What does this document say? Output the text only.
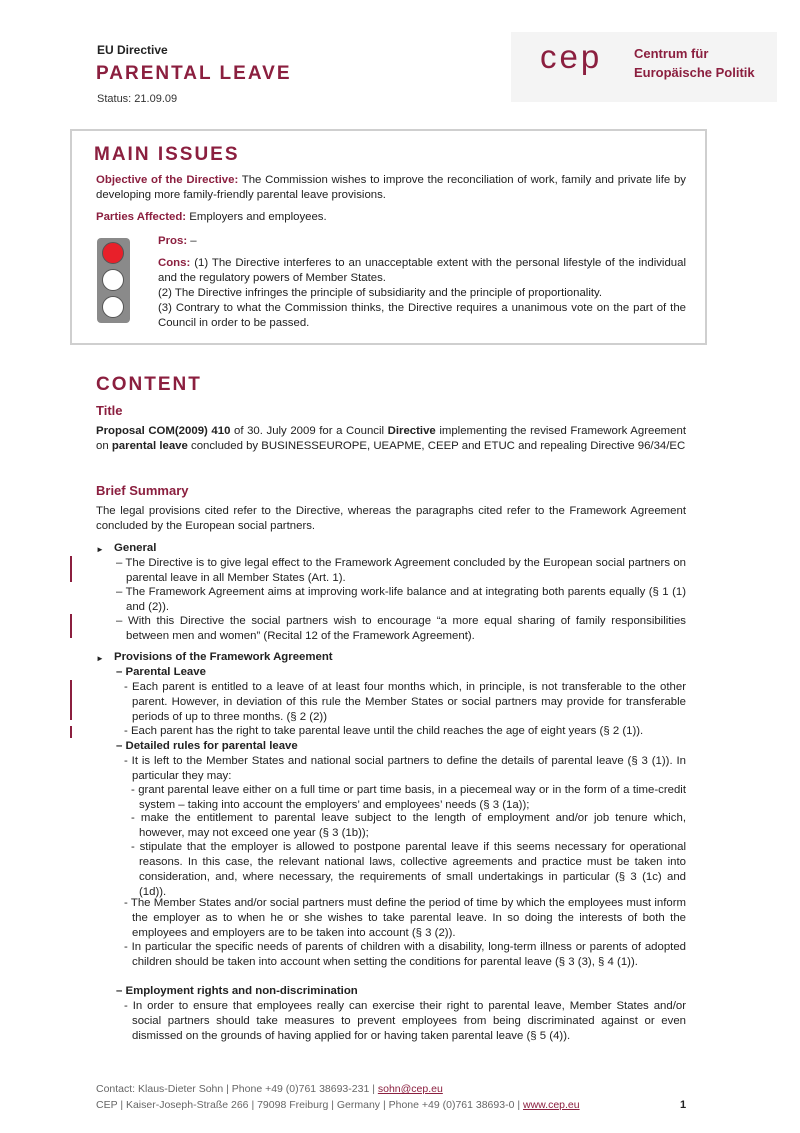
EU Directive
PARENTAL LEAVE
Status: 21.09.09
cep Centrum für
Europäische Politik
MAIN ISSUES
Objective of the Directive: The Commission wishes to improve the reconciliation of work, family and private life by developing more family-friendly parental leave provisions.
Parties Affected: Employers and employees.
Pros: –
Cons: (1) The Directive interferes to an unacceptable extent with the personal lifestyle of the individual and the regulatory powers of Member States.
(2) The Directive infringes the principle of subsidiarity and the principle of proportionality.
(3) Contrary to what the Commission thinks, the Directive requires a unanimous vote on the part of the Council in order to be passed.
CONTENT
Title
Proposal COM(2009) 410 of 30. July 2009 for a Council Directive implementing the revised Framework Agreement on parental leave concluded by BUSINESSEUROPE, UEAPME, CEEP and ETUC and repealing Directive 96/34/EC
Brief Summary
The legal provisions cited refer to the Directive, whereas the paragraphs cited refer to the Framework Agreement concluded by the European social partners.
► General
– The Directive is to give legal effect to the Framework Agreement concluded by the European social partners on parental leave in all Member States (Art. 1).
– The Framework Agreement aims at improving work-life balance and at integrating both parents equally (§ 1 (1) and (2)).
– With this Directive the social partners wish to encourage “a more equal sharing of family responsibilities between men and women” (Recital 12 of the Framework Agreement).
► Provisions of the Framework Agreement
– Parental Leave
- Each parent is entitled to a leave of at least four months which, in principle, is not transferable to the other parent. However, in deviation of this rule the Member States or social partners may provide for transferable periods of up to three months. (§ 2 (2))
- Each parent has the right to take parental leave until the child reaches the age of eight years (§ 2 (1)).
– Detailed rules for parental leave
- It is left to the Member States and national social partners to define the details of parental leave (§ 3 (1)). In particular they may:
- grant parental leave either on a full time or part time basis, in a piecemeal way or in the form of a time-credit system – taking into account the employers’ and employees’ needs (§ 3 (1a));
- make the entitlement to parental leave subject to the length of employment and/or job tenure which, however, may not exceed one year (§ 3 (1b));
- stipulate that the employer is allowed to postpone parental leave if this seems necessary for operational reasons. In this case, the relevant national laws, collective agreements and practice must be taken into consideration, and, where necessary, the requirements of small undertakings in particular (§ 3 (1c) and (1d)).
- The Member States and/or social partners must define the period of time by which the employees must inform the employer as to when he or she wishes to take parental leave. In so doing the interests of both the employees and employers are to be taken into account (§ 3 (2)).
- In particular the specific needs of parents of children with a disability, long-term illness or parents of adopted children should be taken into account when setting the conditions for parental leave (§ 3 (3), § 4 (1)).
– Employment rights and non-discrimination
- In order to ensure that employees really can exercise their right to parental leave, Member States and/or social partners should take measures to prevent employees from being discriminated against or even dismissed on the grounds of having applied for or having taken parental leave (§ 5 (4)).
Contact: Klaus-Dieter Sohn | Phone +49 (0)761 38693-231 | sohn@cep.eu
CEP | Kaiser-Joseph-Straße 266 | 79098 Freiburg | Germany | Phone +49 (0)761 38693-0 | www.cep.eu	1
